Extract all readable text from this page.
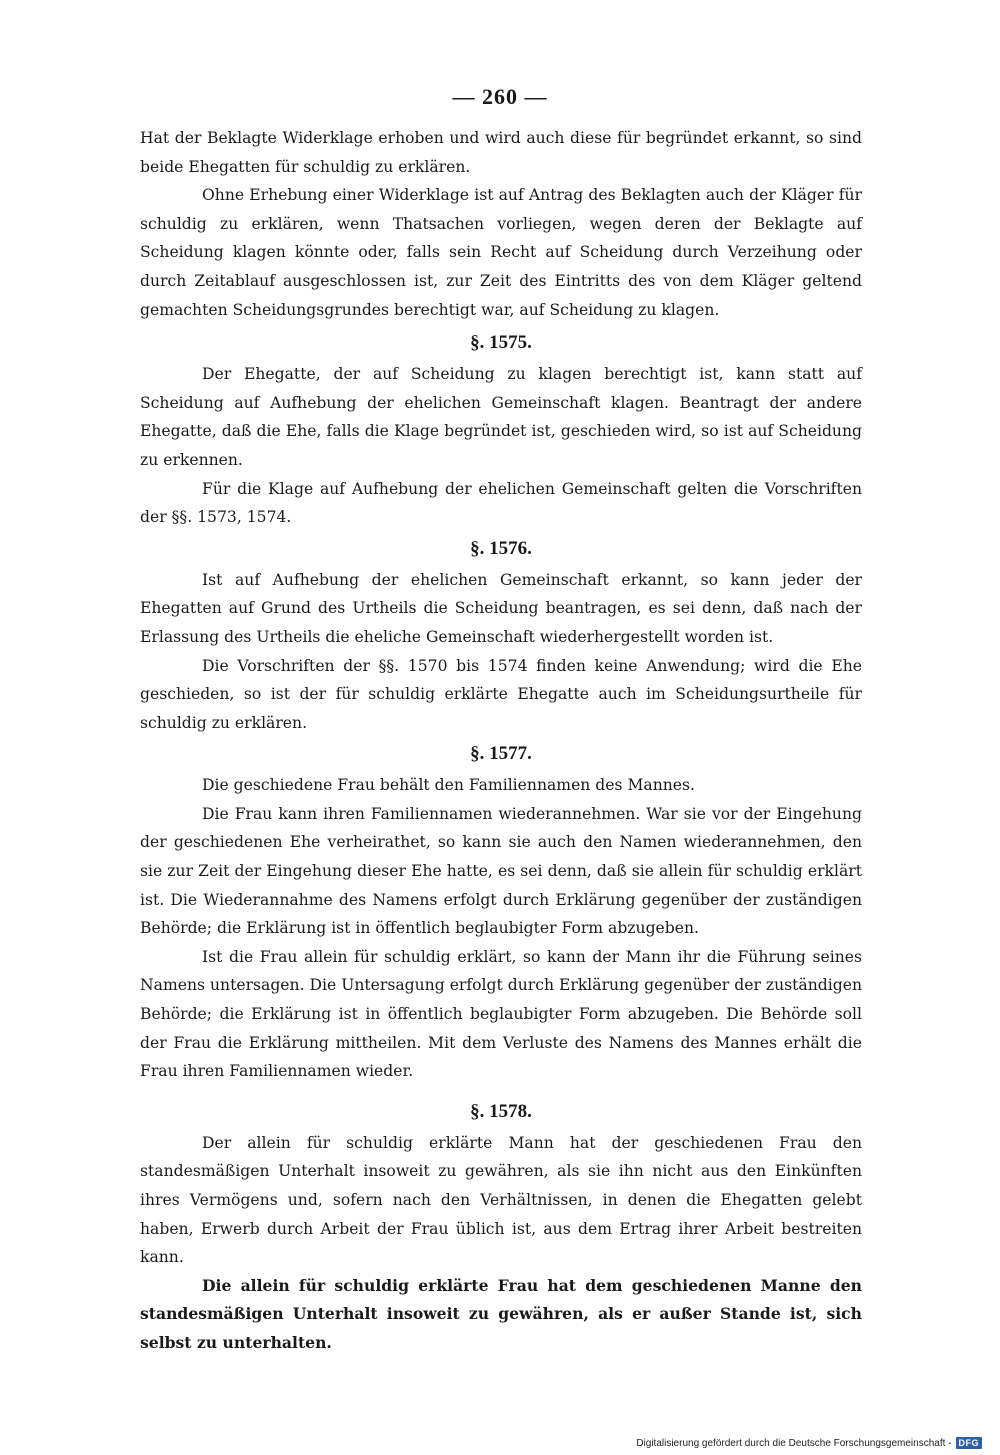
— 260 —

Hat der Beklagte Widerklage erhoben und wird auch diese für begründet erkannt, so sind beide Ehegatten für schuldig zu erklären.

Ohne Erhebung einer Widerklage ist auf Antrag des Beklagten auch der Kläger für schuldig zu erklären, wenn Thatsachen vorliegen, wegen deren der Beklagte auf Scheidung klagen könnte oder, falls sein Recht auf Scheidung durch Verzeihung oder durch Zeitablauf ausgeschlossen ist, zur Zeit des Eintritts des von dem Kläger geltend gemachten Scheidungsgrundes berechtigt war, auf Scheidung zu klagen.

§. 1575.

Der Ehegatte, der auf Scheidung zu klagen berechtigt ist, kann statt auf Scheidung auf Aufhebung der ehelichen Gemeinschaft klagen. Beantragt der andere Ehegatte, daß die Ehe, falls die Klage begründet ist, geschieden wird, so ist auf Scheidung zu erkennen.

Für die Klage auf Aufhebung der ehelichen Gemeinschaft gelten die Vorschriften der §§. 1573, 1574.

§. 1576.

Ist auf Aufhebung der ehelichen Gemeinschaft erkannt, so kann jeder der Ehegatten auf Grund des Urtheils die Scheidung beantragen, es sei denn, daß nach der Erlassung des Urtheils die eheliche Gemeinschaft wiederhergestellt worden ist.

Die Vorschriften der §§. 1570 bis 1574 finden keine Anwendung; wird die Ehe geschieden, so ist der für schuldig erklärte Ehegatte auch im Scheidungsurtheile für schuldig zu erklären.

§. 1577.

Die geschiedene Frau behält den Familiennamen des Mannes.

Die Frau kann ihren Familiennamen wiederannehmen. War sie vor der Eingehung der geschiedenen Ehe verheirathet, so kann sie auch den Namen wiederannehmen, den sie zur Zeit der Eingehung dieser Ehe hatte, es sei denn, daß sie allein für schuldig erklärt ist. Die Wiederannahme des Namens erfolgt durch Erklärung gegenüber der zuständigen Behörde; die Erklärung ist in öffentlich beglaubigter Form abzugeben.

Ist die Frau allein für schuldig erklärt, so kann der Mann ihr die Führung seines Namens untersagen. Die Untersagung erfolgt durch Erklärung gegenüber der zuständigen Behörde; die Erklärung ist in öffentlich beglaubigter Form abzugeben. Die Behörde soll der Frau die Erklärung mittheilen. Mit dem Verluste des Namens des Mannes erhält die Frau ihren Familiennamen wieder.

§. 1578.

Der allein für schuldig erklärte Mann hat der geschiedenen Frau den standesmäßigen Unterhalt insoweit zu gewähren, als sie ihn nicht aus den Einkünften ihres Vermögens und, sofern nach den Verhältnissen, in denen die Ehegatten gelebt haben, Erwerb durch Arbeit der Frau üblich ist, aus dem Ertrag ihrer Arbeit bestreiten kann.

Die allein für schuldig erklärte Frau hat dem geschiedenen Manne den standesmäßigen Unterhalt insoweit zu gewähren, als er außer Stande ist, sich selbst zu unterhalten.

Digitalisierung gefördert durch die Deutsche Forschungsgemeinschaft - DFG
